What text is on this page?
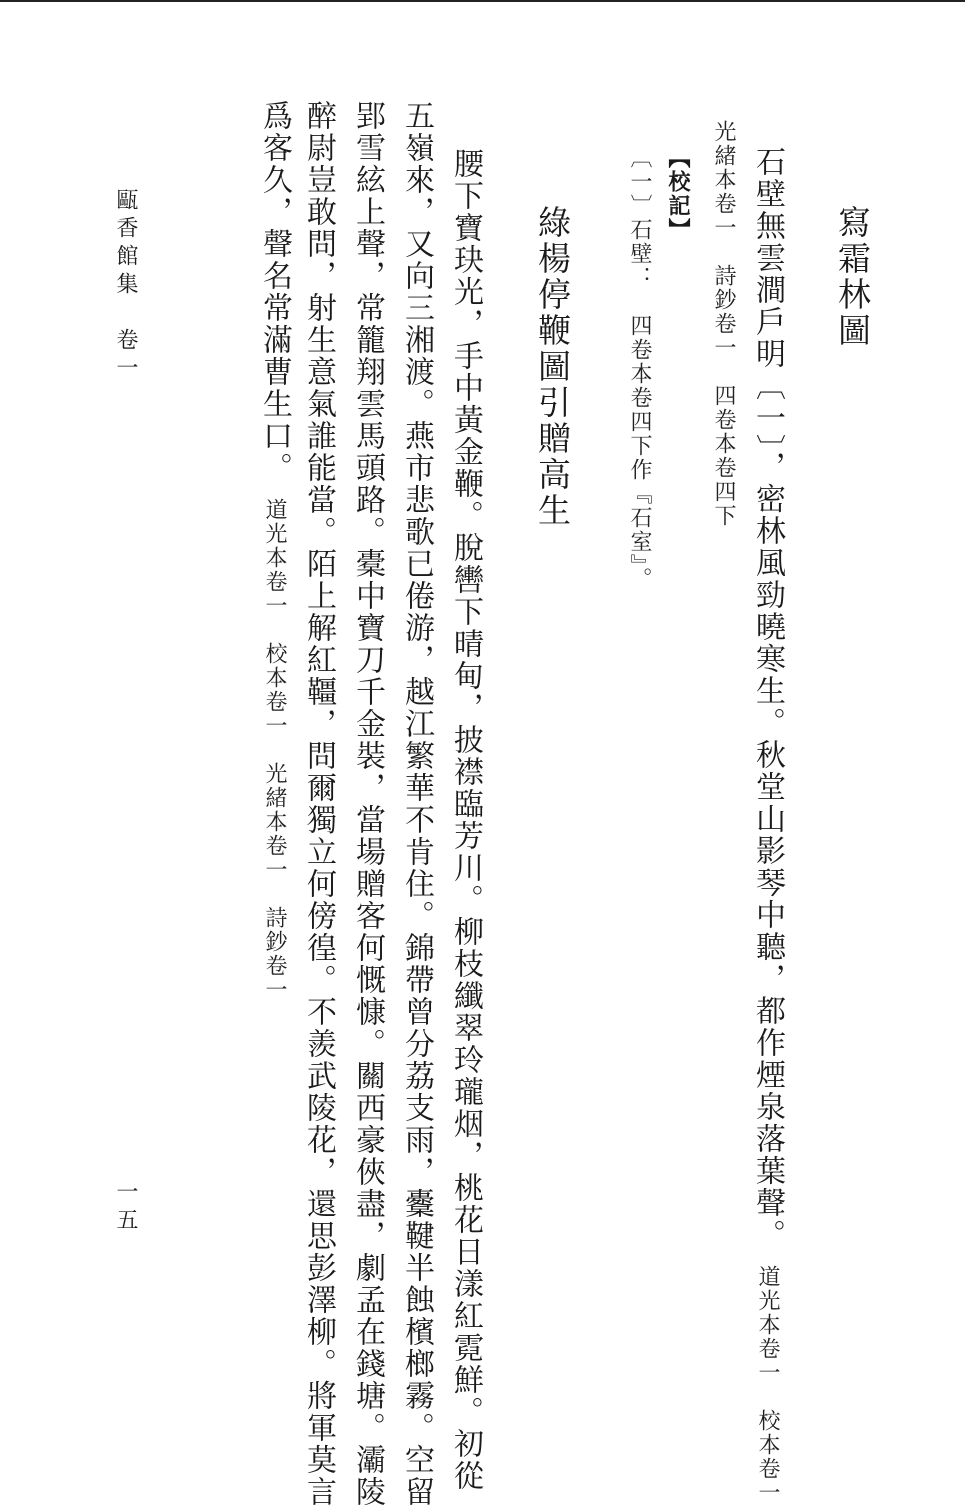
寫霜林圖
石壁無雲澗戶明〔一〕，密林風勁曉寒生。秋堂山影琴中聽，都作煙泉落葉聲。道光本卷一　校本卷一
光緒本卷一　詩鈔卷一　四卷本卷四下
【校記】
〔一〕石壁：　四卷本卷四下作『石室』。
綠楊停鞭圖引贈高生
腰下寶玦光，手中黃金鞭。脫轡下晴甸，披襟臨芳川。柳枝纖翠玲瓏烟，桃花日漾紅霓鮮。初從
五嶺來，又向三湘渡。燕市悲歌已倦游，越江繁華不肯住。錦帶曾分荔支雨，櫜鞬半蝕檳榔霧。空留
郢雪絃上聲，常籠翔雲馬頭路。橐中寶刀千金裝，當場贈客何慨慷。關西豪俠盡，劇孟在錢塘。灞陵
醉尉豈敢問，射生意氣誰能當。陌上解紅韁，問爾獨立何傍徨。不羨武陵花，還思彭澤柳。將軍莫言
爲客久，聲名常滿曹生口。道光本卷一　校本卷一　光緒本卷一　詩鈔卷一
甌香館集　卷一
一五
